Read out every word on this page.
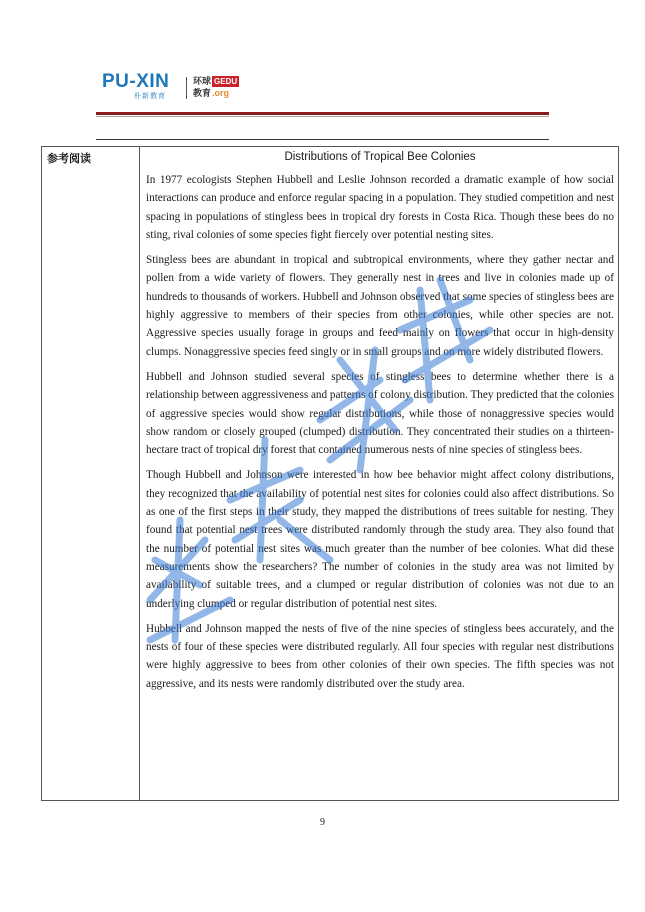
PU-XIN
朴新教育
环球 GEDU
教育.org
参考阅读	Distributions of Tropical Bee Colonies

In 1977 ecologists Stephen Hubbell and Leslie Johnson recorded a dramatic example of how social interactions can produce and enforce regular spacing in a population. They studied competition and nest spacing in populations of stingless bees in tropical dry forests in Costa Rica. Though these bees do no sting, rival colonies of some species fight fiercely over potential nesting sites.

Stingless bees are abundant in tropical and subtropical environments, where they gather nectar and pollen from a wide variety of flowers. They generally nest in trees and live in colonies made up of hundreds to thousands of workers. Hubbell and Johnson observed that some species of stingless bees are highly aggressive to members of their species from other colonies, while other species are not. Aggressive species usually forage in groups and feed mainly on flowers that occur in high-density clumps. Nonaggressive species feed singly or in small groups and on more widely distributed flowers.

Hubbell and Johnson studied several species of stingless bees to determine whether there is a relationship between aggressiveness and patterns of colony distribution. They predicted that the colonies of aggressive species would show regular distributions, while those of nonaggressive species would show random or closely grouped (clumped) distribution. They concentrated their studies on a thirteen-hectare tract of tropical dry forest that contained numerous nests of nine species of stingless bees.

Though Hubbell and Johnson were interested in how bee behavior might affect colony distributions, they recognized that the availability of potential nest sites for colonies could also affect distributions. So as one of the first steps in their study, they mapped the distributions of trees suitable for nesting. They found that potential nest trees were distributed randomly through the study area. They also found that the number of potential nest sites was much greater than the number of bee colonies. What did these measurements show the researchers? The number of colonies in the study area was not limited by availability of suitable trees, and a clumped or regular distribution of colonies was not due to an underlying clumped or regular distribution of potential nest sites.

Hubbell and Johnson mapped the nests of five of the nine species of stingless bees accurately, and the nests of four of these species were distributed regularly. All four species with regular nest distributions were highly aggressive to bees from other colonies of their own species. The fifth species was not aggressive, and its nests were randomly distributed over the study area.

环球教育
9
